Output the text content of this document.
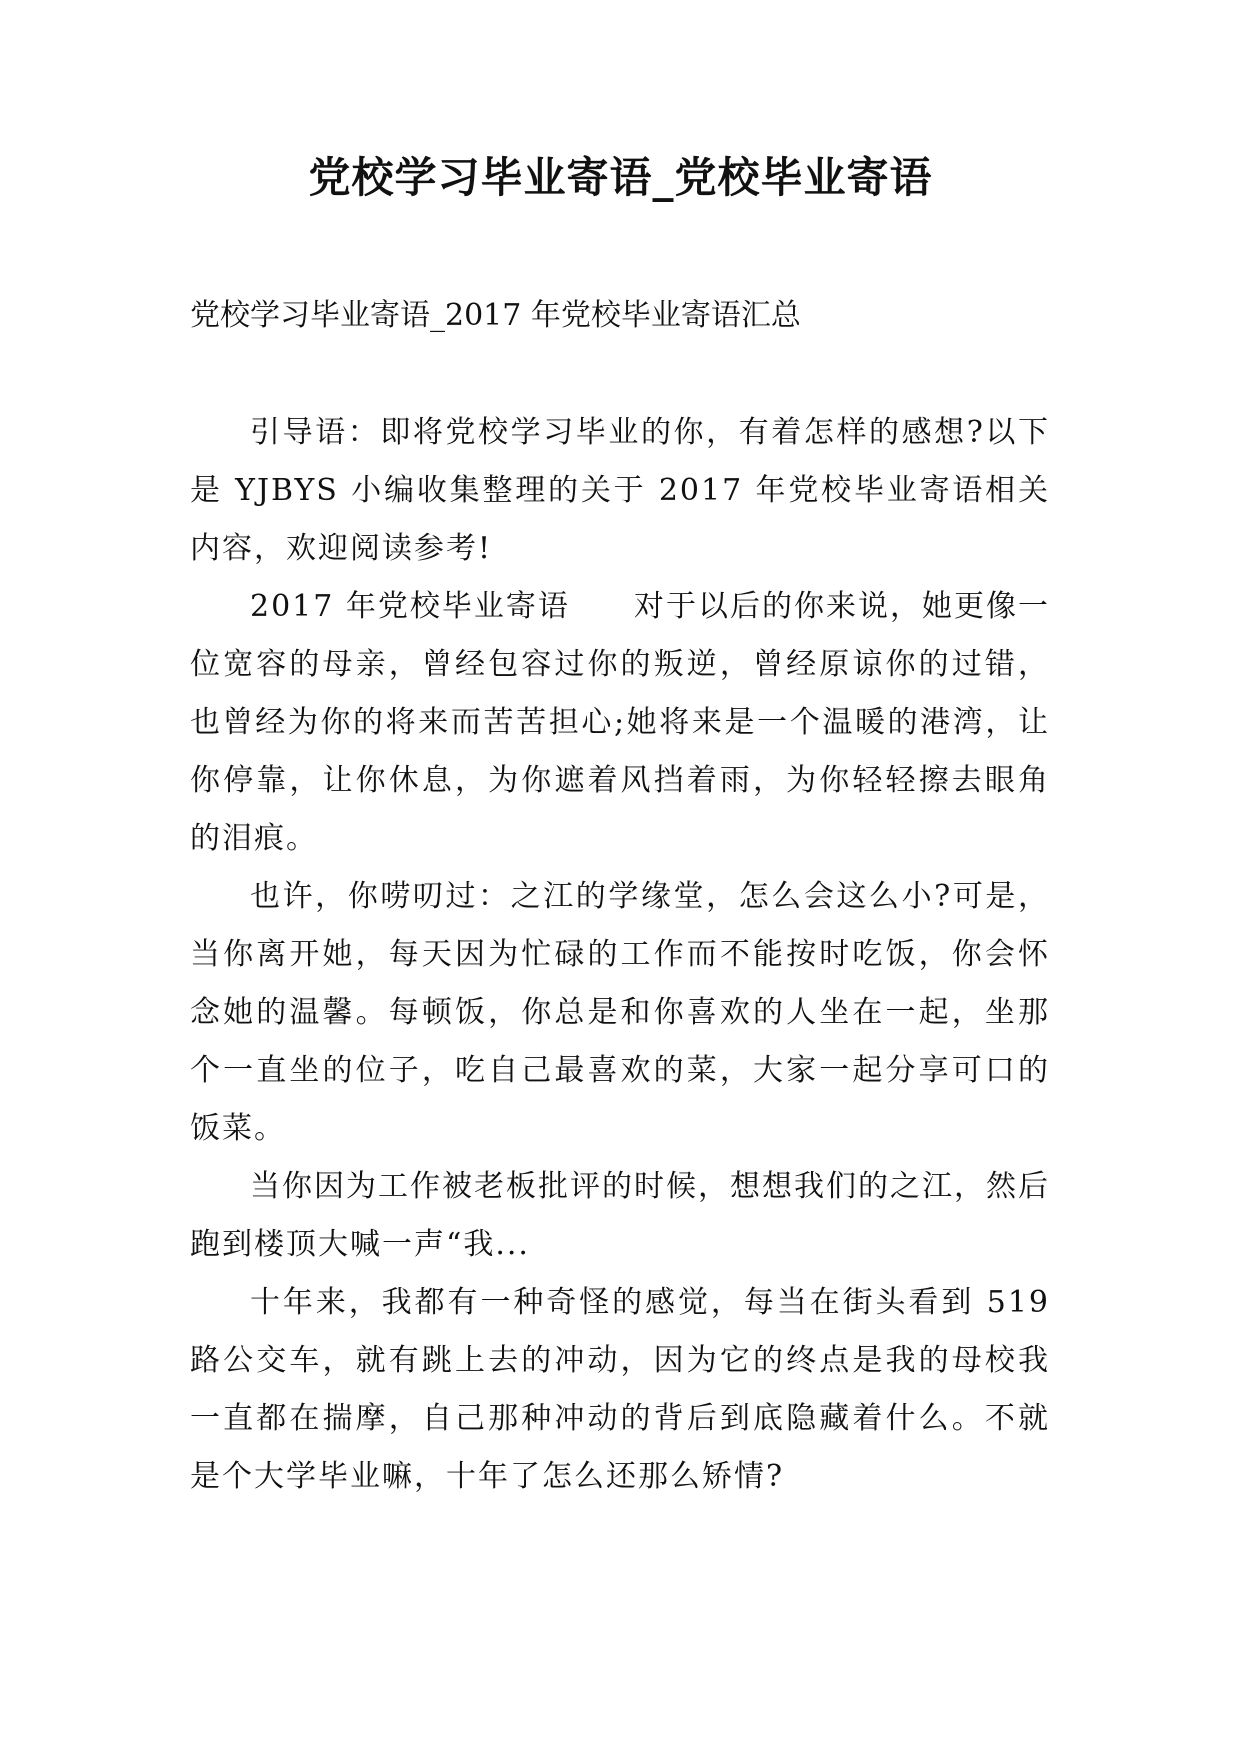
党校学习毕业寄语_党校毕业寄语
党校学习毕业寄语_2017 年党校毕业寄语汇总

引导语：即将党校学习毕业的你，有着怎样的感想?以下是 YJBYS 小编收集整理的关于 2017 年党校毕业寄语相关内容，欢迎阅读参考!

2017 年党校毕业寄语　　对于以后的你来说，她更像一位宽容的母亲，曾经包容过你的叛逆，曾经原谅你的过错，也曾经为你的将来而苦苦担心;她将来是一个温暖的港湾，让你停靠，让你休息，为你遮着风挡着雨，为你轻轻擦去眼角的泪痕。

也许，你唠叨过：之江的学缘堂，怎么会这么小?可是，当你离开她，每天因为忙碌的工作而不能按时吃饭，你会怀念她的温馨。每顿饭，你总是和你喜欢的人坐在一起，坐那个一直坐的位子，吃自己最喜欢的菜，大家一起分享可口的饭菜。

当你因为工作被老板批评的时候，想想我们的之江，然后跑到楼顶大喊一声“我...

十年来，我都有一种奇怪的感觉，每当在街头看到 519 路公交车，就有跳上去的冲动，因为它的终点是我的母校我一直都在揣摩，自己那种冲动的背后到底隐藏着什么。不就是个大学毕业嘛，十年了怎么还那么矫情?
